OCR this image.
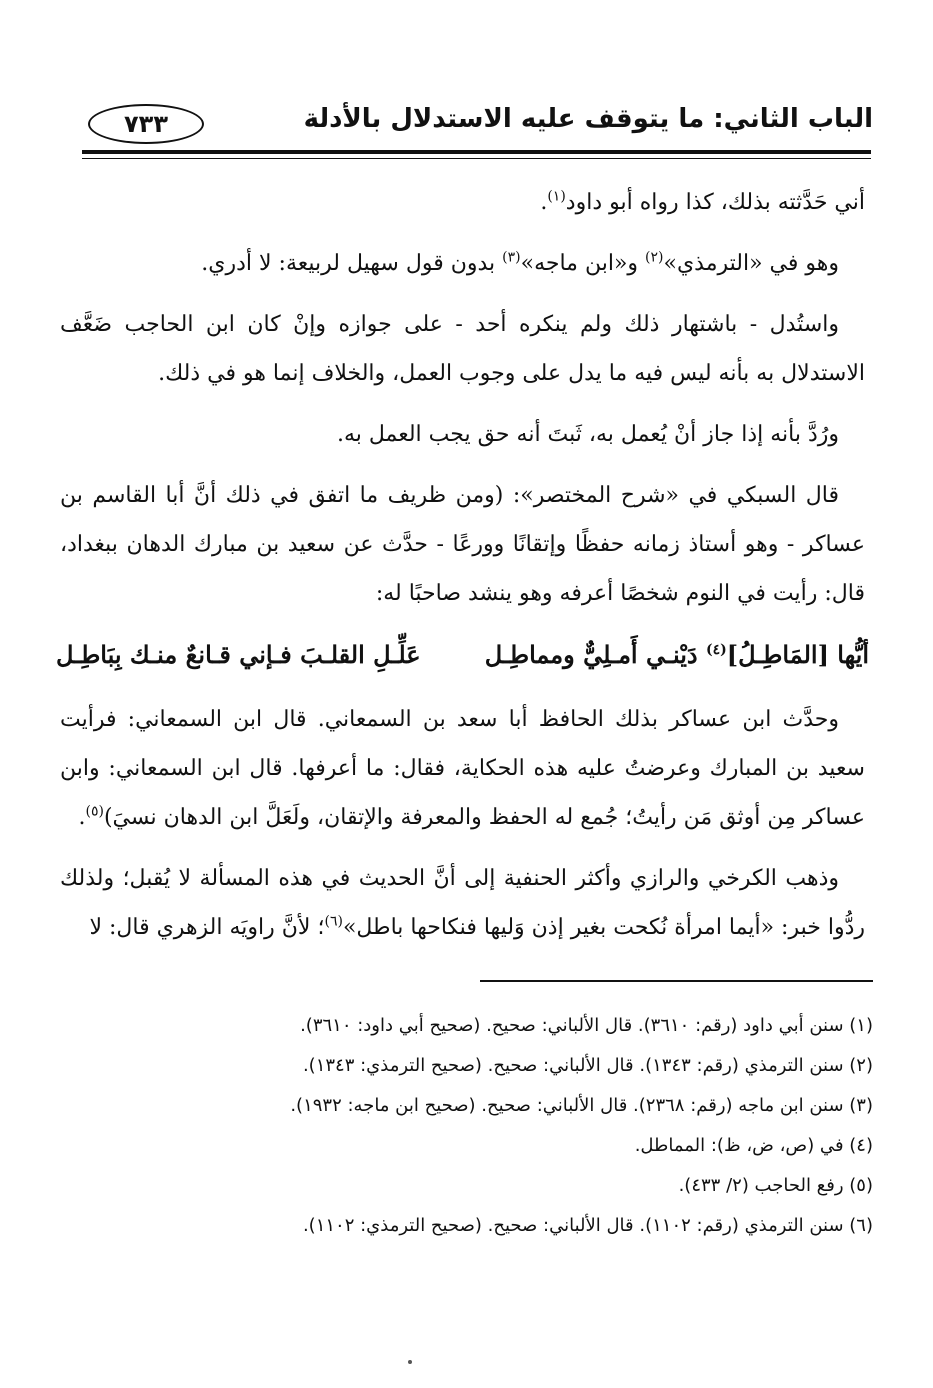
الباب الثاني: ما يتوقف عليه الاستدلال بالأدلة
٧٣٣

أني حَدَّثته بذلك، كذا رواه أبو داود$^{(١)}$.

وهو في «الترمذي»$^{(٢)}$ و«ابن ماجه»$^{(٣)}$ بدون قول سهيل لربيعة: لا أدري.

واستُدل - باشتهار ذلك ولم ينكره أحد - على جوازه وإنْ كان ابن الحاجب ضَعَّف الاستدلال به بأنه ليس فيه ما يدل على وجوب العمل، والخلاف إنما هو في ذلك.

ورُدَّ بأنه إذا جاز أنْ يُعمل به، ثَبتَ أنه حق يجب العمل به.

قال السبكي في «شرح المختصر»: (ومن ظريف ما اتفق في ذلك أنَّ أبا القاسم بن عساكر - وهو أستاذ زمانه حفظًا وإتقانًا وورعًا - حدَّث عن سعيد بن مبارك الدهان ببغداد، قال: رأيت في النوم شخصًا أعرفه وهو ينشد صاحبًا له:

أيُّها [المَاطِـلُ]$^{(٤)}$ دَيْنـي أَمـلِيٌّ ومماطِـل
عَلِّـلِ القلـبَ فـإني قـانعٌ منـك بِبَاطِـل

وحدَّث ابن عساكر بذلك الحافظ أبا سعد بن السمعاني. قال ابن السمعاني: فرأيت سعيد بن المبارك وعرضتُ عليه هذه الحكاية، فقال: ما أعرفها. قال ابن السمعاني: وابن عساكر مِن أوثق مَن رأيتُ؛ جُمع له الحفظ والمعرفة والإتقان، ولَعَلَّ ابن الدهان نسيَ)$^{(٥)}$.

وذهب الكرخي والرازي وأكثر الحنفية إلى أنَّ الحديث في هذه المسألة لا يُقبل؛ ولذلك ردُّوا خبر: «أيما امرأة نُكحت بغير إذن وَليها فنكاحها باطل»$^{(٦)}$؛ لأنَّ راويَه الزهري قال: لا

(١) سنن أبي داود (رقم: ٣٦١٠). قال الألباني: صحيح. (صحيح أبي داود: ٣٦١٠).
(٢) سنن الترمذي (رقم: ١٣٤٣). قال الألباني: صحيح. (صحيح الترمذي: ١٣٤٣).
(٣) سنن ابن ماجه (رقم: ٢٣٦٨). قال الألباني: صحيح. (صحيح ابن ماجه: ١٩٣٢).
(٤) في (ص، ض، ظ): المماطل.
(٥) رفع الحاجب (٢/ ٤٣٣).
(٦) سنن الترمذي (رقم: ١١٠٢). قال الألباني: صحيح. (صحيح الترمذي: ١١٠٢).
